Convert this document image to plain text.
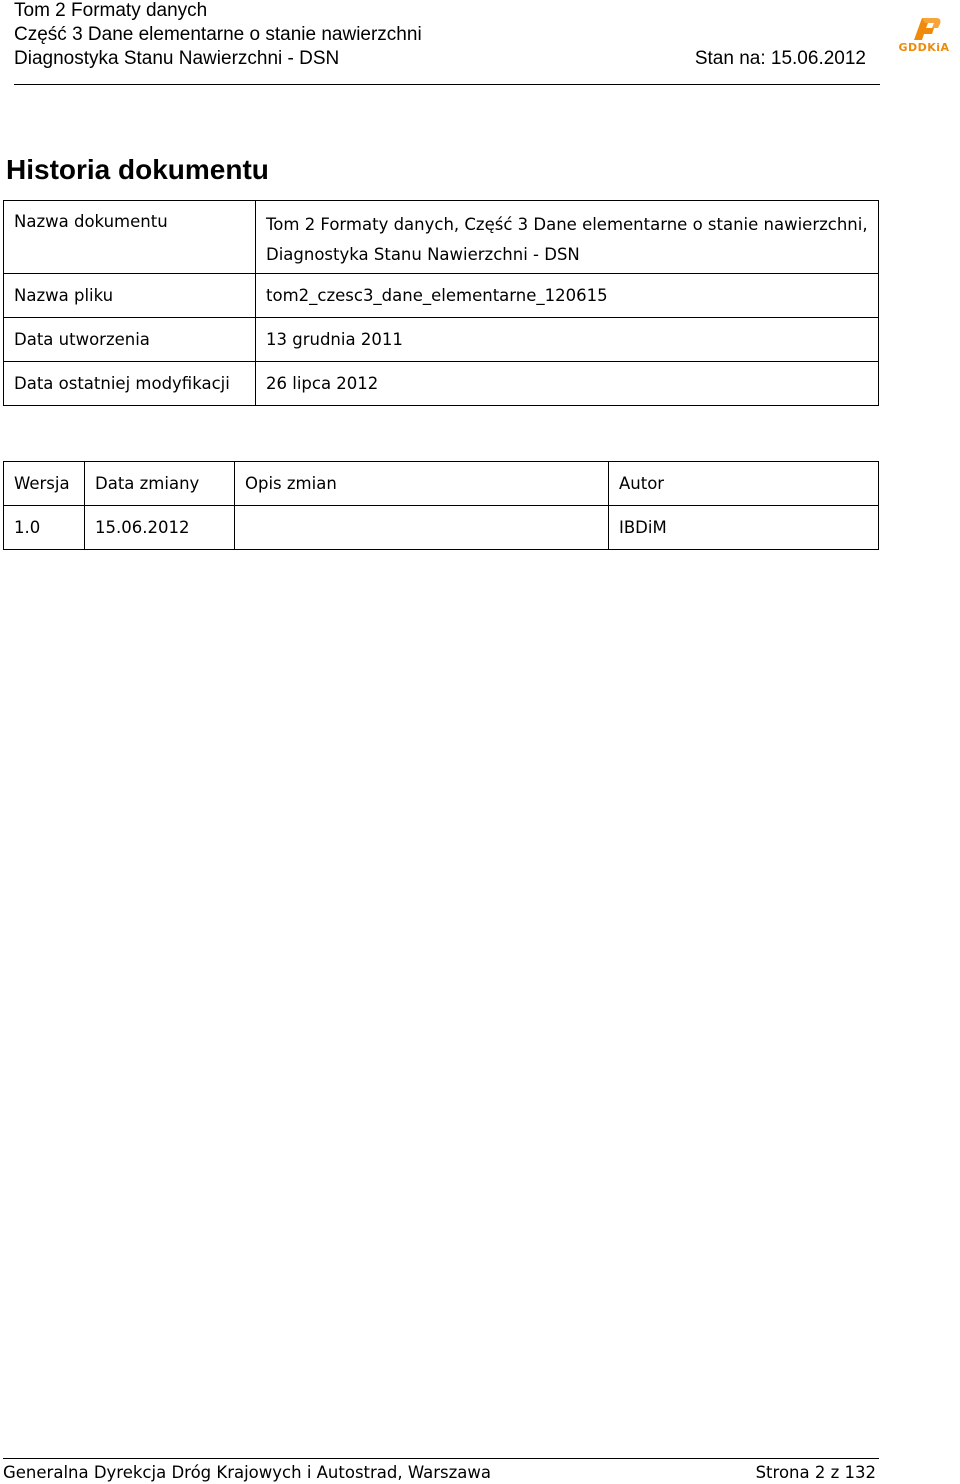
Tom 2 Formaty danych
Część 3 Dane elementarne o stanie nawierzchni
Diagnostyka Stanu Nawierzchni - DSN	Stan na: 15.06.2012
GDDKiA
Historia dokumentu
Nazwa dokumentu	Tom 2 Formaty danych, Część 3 Dane elementarne o stanie nawierzchni, Diagnostyka Stanu Nawierzchni - DSN
Nazwa pliku	tom2_czesc3_dane_elementarne_120615
Data utworzenia	13 grudnia 2011
Data ostatniej modyfikacji	26 lipca 2012
Wersja	Data zmiany	Opis zmian	Autor
1.0	15.06.2012		IBDiM
Generalna Dyrekcja Dróg Krajowych i Autostrad, Warszawa	Strona 2 z 132
